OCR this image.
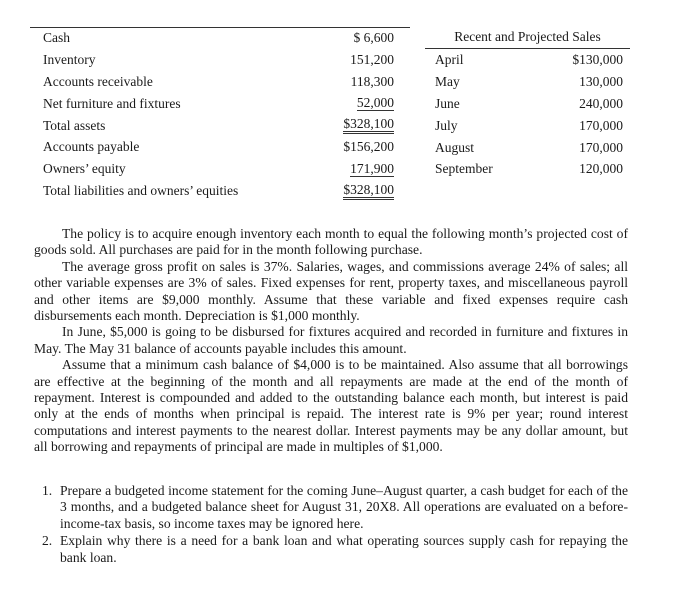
Cash	$ 6,600
Inventory	151,200
Accounts receivable	118,300
Net furniture and fixtures	52,000
Total assets	$328,100
Accounts payable	$156,200
Owners’ equity	171,900
Total liabilities and owners’ equities	$328,100
Recent and Projected Sales
April	$130,000
May	130,000
June	240,000
July	170,000
August	170,000
September	120,000

The policy is to acquire enough inventory each month to equal the following month’s projected cost of goods sold. All purchases are paid for in the month following purchase.

The average gross profit on sales is 37%. Salaries, wages, and commissions average 24% of sales; all other variable expenses are 3% of sales. Fixed expenses for rent, property taxes, and miscellaneous payroll and other items are $9,000 monthly. Assume that these variable and fixed expenses require cash disbursements each month. Depreciation is $1,000 monthly.

In June, $5,000 is going to be disbursed for fixtures acquired and recorded in furniture and fixtures in May. The May 31 balance of accounts payable includes this amount.

Assume that a minimum cash balance of $4,000 is to be maintained. Also assume that all borrowings are effective at the beginning of the month and all repayments are made at the end of the month of repayment. Interest is compounded and added to the outstanding balance each month, but interest is paid only at the ends of months when principal is repaid. The interest rate is 9% per year; round interest computations and interest payments to the nearest dollar. Interest payments may be any dollar amount, but all borrowing and repayments of principal are made in multiples of $1,000.

1. Prepare a budgeted income statement for the coming June–August quarter, a cash budget for each of the 3 months, and a budgeted balance sheet for August 31, 20X8. All operations are evaluated on a before-income-tax basis, so income taxes may be ignored here.
2. Explain why there is a need for a bank loan and what operating sources supply cash for repaying the bank loan.
